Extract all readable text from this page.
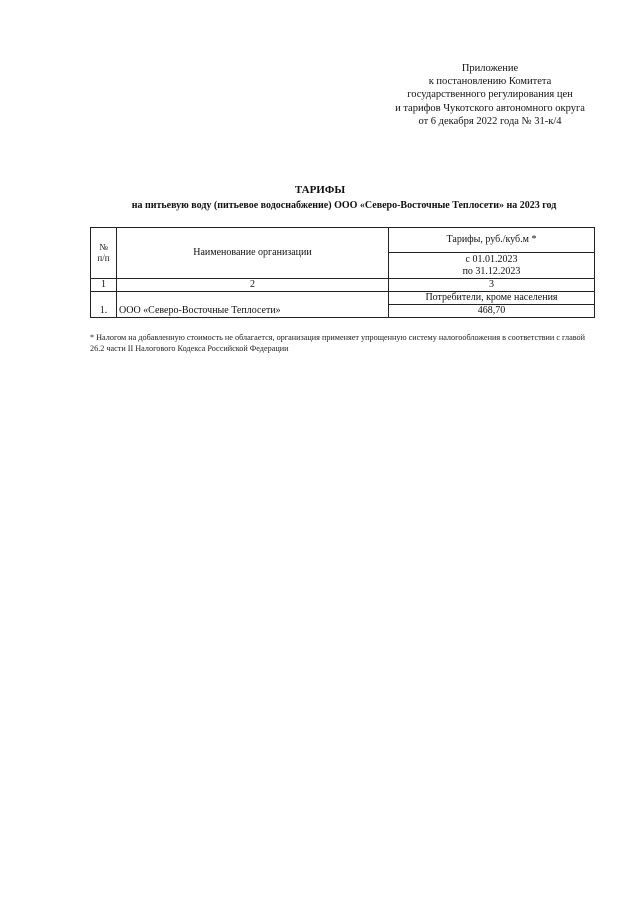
Приложение
к постановлению Комитета
государственного регулирования цен
и тарифов Чукотского автономного округа
от 6 декабря 2022 года № 31-к/4
ТАРИФЫ
на питьевую воду (питьевое водоснабжение) ООО «Северо-Восточные Теплосети» на 2023 год
№
п/п	Наименование организации	Тарифы, руб./куб.м *

		с 01.01.2023
по 31.12.2023

1	2	3
1.	ООО «Северо-Восточные Теплосети»	Потребители, кроме населения
		468,70
* Налогом на добавленную стоимость не облагается, организация применяет упрощенную систему налогообложения в соответствии с главой 26.2 части II Налогового Кодекса Российской Федерации
